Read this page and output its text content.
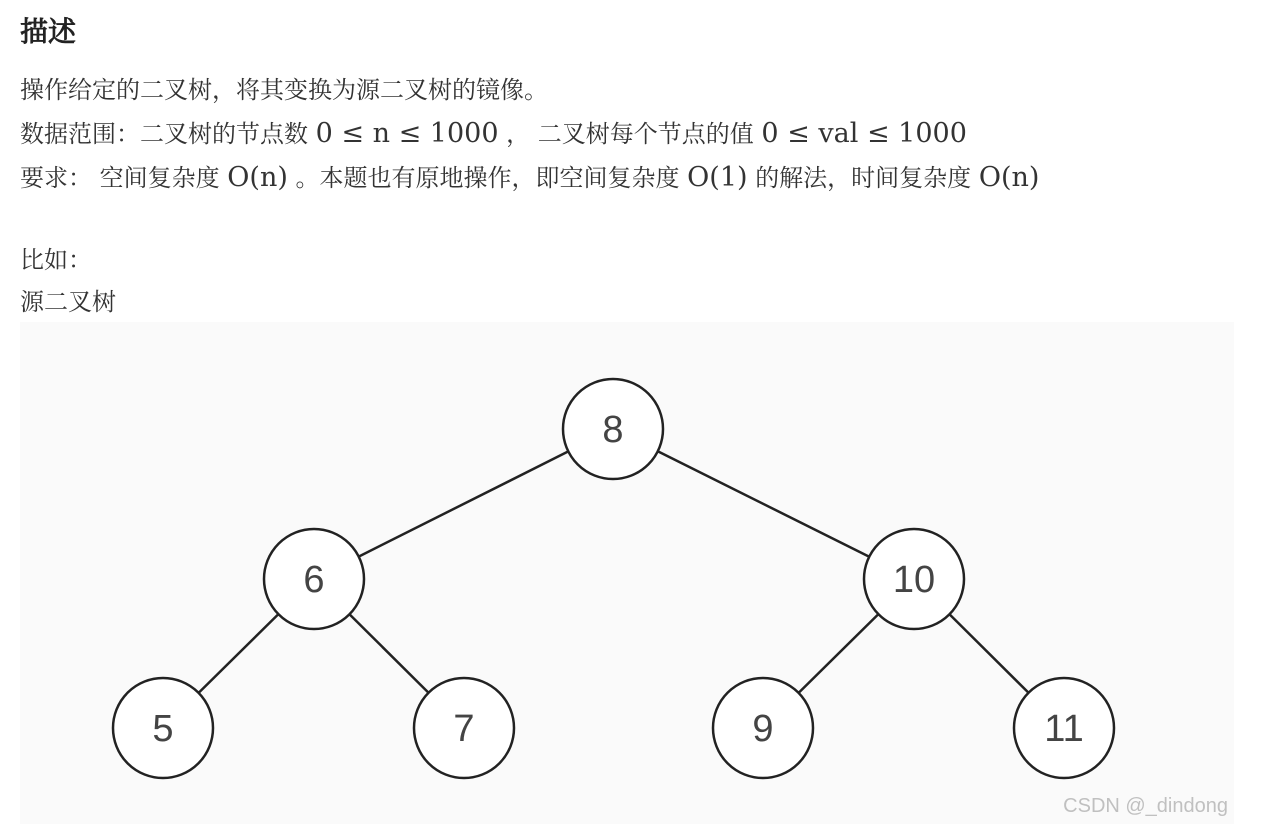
描述
操作给定的二叉树，将其变换为源二叉树的镜像。
数据范围：二叉树的节点数 0 ≤ n ≤ 1000 ， 二叉树每个节点的值 0 ≤ val ≤ 1000
要求： 空间复杂度 O(n) 。本题也有原地操作，即空间复杂度 O(1) 的解法，时间复杂度 O(n)
比如：
源二叉树
8
6	10
5	7	9	11
CSDN @_dindong
